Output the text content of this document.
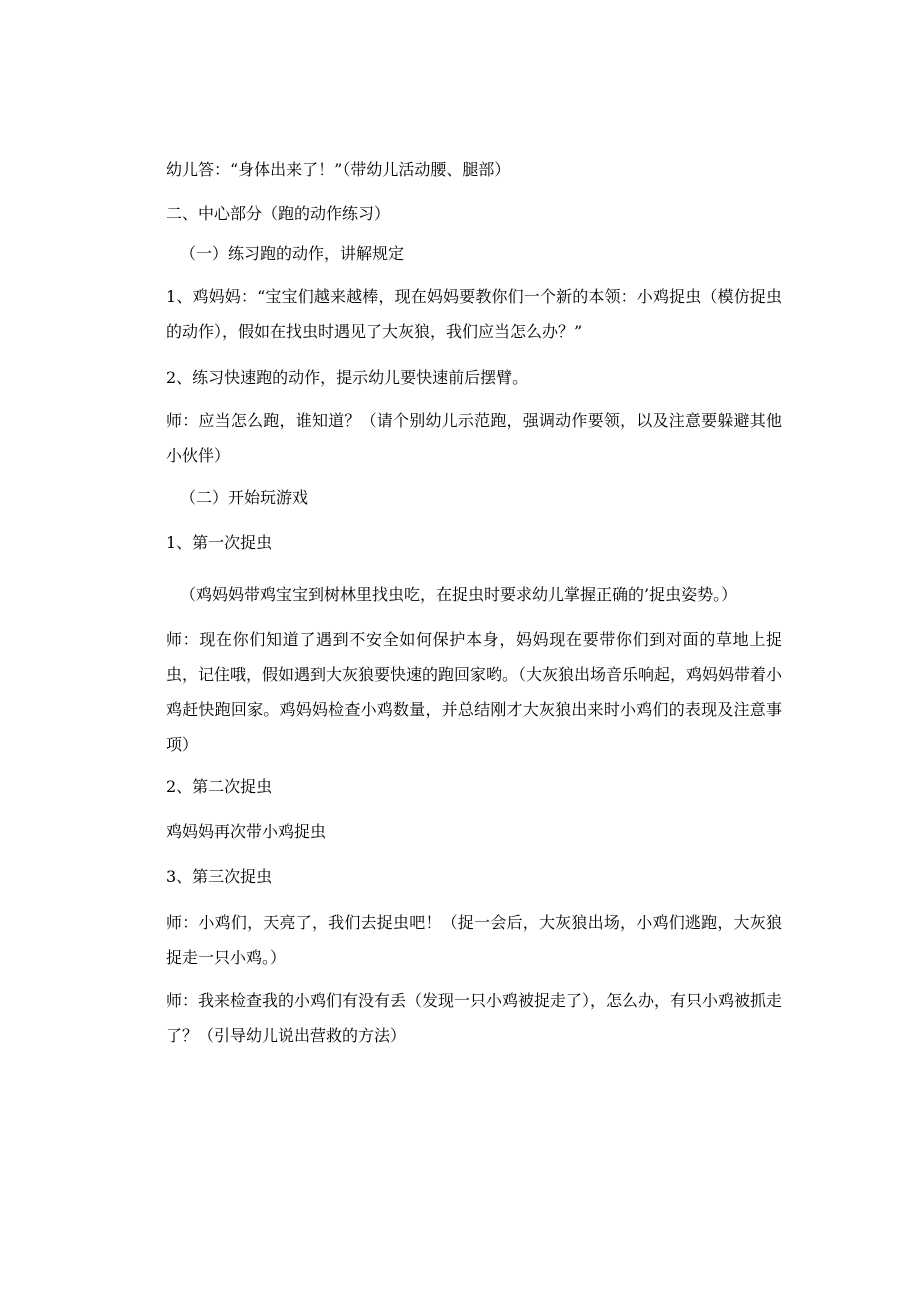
幼儿答：“身体出来了！”（带幼儿活动腰、腿部）
二、中心部分（跑的动作练习）
（一）练习跑的动作，讲解规定
1、鸡妈妈：“宝宝们越来越棒，现在妈妈要教你们一个新的本领：小鸡捉虫（模仿捉虫的动作），假如在找虫时遇见了大灰狼，我们应当怎么办？”
2、练习快速跑的动作，提示幼儿要快速前后摆臂。
师：应当怎么跑，谁知道？（请个别幼儿示范跑，强调动作要领，以及注意要躲避其他小伙伴）
（二）开始玩游戏
1、第一次捉虫
（鸡妈妈带鸡宝宝到树林里找虫吃，在捉虫时要求幼儿掌握正确的’捉虫姿势。）
师：现在你们知道了遇到不安全如何保护本身，妈妈现在要带你们到对面的草地上捉虫，记住哦，假如遇到大灰狼要快速的跑回家哟。（大灰狼出场音乐响起，鸡妈妈带着小鸡赶快跑回家。鸡妈妈检查小鸡数量，并总结刚才大灰狼出来时小鸡们的表现及注意事项）
2、第二次捉虫
鸡妈妈再次带小鸡捉虫
3、第三次捉虫
师：小鸡们，天亮了，我们去捉虫吧！（捉一会后，大灰狼出场，小鸡们逃跑，大灰狼捉走一只小鸡。）
师：我来检查我的小鸡们有没有丢（发现一只小鸡被捉走了），怎么办，有只小鸡被抓走了？（引导幼儿说出营救的方法）
